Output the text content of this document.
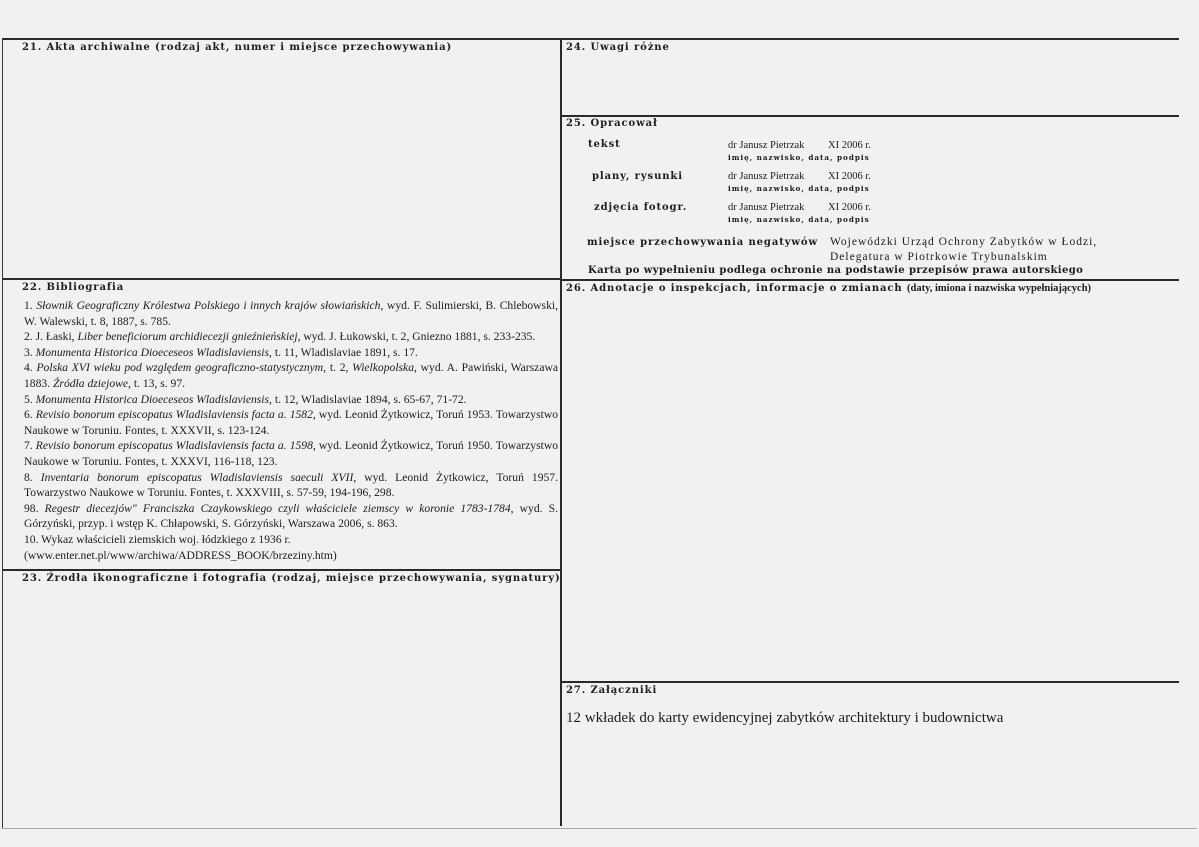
21. Akta archiwalne (rodzaj akt, numer i miejsce przechowywania)

22. Bibliografia

23. Źrodła ikonograficzne i fotografia (rodzaj, miejsce przechowywania, sygnatury)

24. Uwagi różne

25. Opracował

26. Adnotacje o inspekcjach, informacje o zmianach (daty, imiona i nazwiska wypełniających)

27. Załączniki

1. Słownik Geograficzny Królestwa Polskiego i innych krajów słowiańskich, wyd. F. Sulimierski, B. Chlebowski, W. Walewski, t. 8, 1887, s. 785.
2. J. Łaski, Liber beneficiorum archidiecezji gnieźnieńskiej, wyd. J. Łukowski, t. 2, Gniezno 1881, s. 233-235.
3. Monumenta Historica Dioeceseos Wladislaviensis, t. 11, Wladislaviae 1891, s. 17.
4. Polska XVI wieku pod względem geograficzno-statystycznym, t. 2, Wielkopolska, wyd. A. Pawiński, Warszawa 1883. Źródła dziejowe, t. 13, s. 97.
5. Monumenta Historica Dioeceseos Wladislaviensis, t. 12, Wladislaviae 1894, s. 65-67, 71-72.
6. Revisio bonorum episcopatus Wladislaviensis facta a. 1582, wyd. Leonid Żytkowicz, Toruń 1953. Towarzystwo Naukowe w Toruniu. Fontes, t. XXXVII, s. 123-124.
7. Revisio bonorum episcopatus Wladislaviensis facta a. 1598, wyd. Leonid Żytkowicz, Toruń 1950. Towarzystwo Naukowe w Toruniu. Fontes, t. XXXVI, 116-118, 123.
8. Inventaria bonorum episcopatus Wladislaviensis saeculi XVII, wyd. Leonid Żytkowicz, Toruń 1957. Towarzystwo Naukowe w Toruniu. Fontes, t. XXXVIII, s. 57-59, 194-196, 298.
98. Regestr diecezjów" Franciszka Czaykowskiego czyli właściciele ziemscy w koronie 1783-1784, wyd. S. Górzyński, przyp. i wstęp K. Chłapowski, S. Górzyński, Warszawa 2006, s. 863.
10. Wykaz właścicieli ziemskich woj. łódzkiego z 1936 r. (www.enter.net.pl/www/archiwa/ADDRESS_BOOK/brzeziny.htm)
tekst	dr Janusz Pietrzak XI 2006 r.
imię, nazwisko, data, podpis
plany, rysunki	dr Janusz Pietrzak XI 2006 r.
imię, nazwisko, data, podpis
zdjęcia fotogr.	dr Janusz Pietrzak XI 2006 r.
imię, nazwisko, data, podpis
miejsce przechowywania negatywów Wojewódzki Urząd Ochrony Zabytków w Łodzi,
Delegatura w Piotrkowie Trybunalskim

Karta po wypełnieniu podlega ochronie na podstawie przepisów prawa autorskiego

12 wkładek do karty ewidencyjnej zabytków architektury i budownictwa
